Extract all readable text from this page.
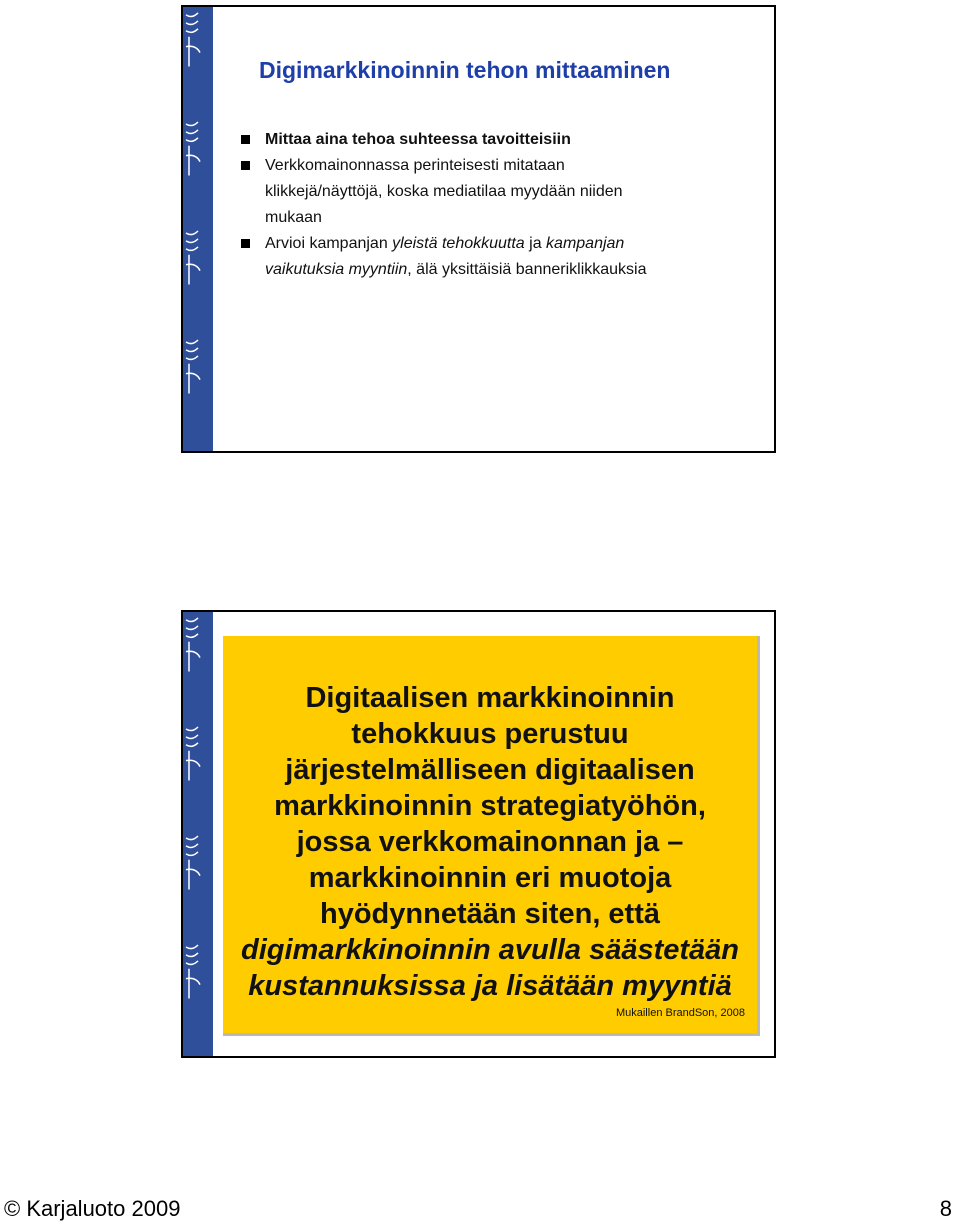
Digimarkkinoinnin tehon mittaaminen
Mittaa aina tehoa suhteessa tavoitteisiin
Verkkomainonnassa perinteisesti mitataan
klikkejä/näyttöjä, koska mediatilaa myydään niiden
mukaan
Arvioi kampanjan yleistä tehokkuutta ja kampanjan
vaikutuksia myyntiin, älä yksittäisiä banneriklikkauksia
Digitaalisen markkinoinnin
tehokkuus perustuu
järjestelmälliseen digitaalisen
markkinoinnin strategiatyöhön,
jossa verkkomainonnan ja –
markkinoinnin eri muotoja
hyödynnetään siten, että
digimarkkinoinnin avulla säästetään
kustannuksissa ja lisätään myyntiä
Mukaillen BrandSon, 2008
© Karjaluoto 2009	8
